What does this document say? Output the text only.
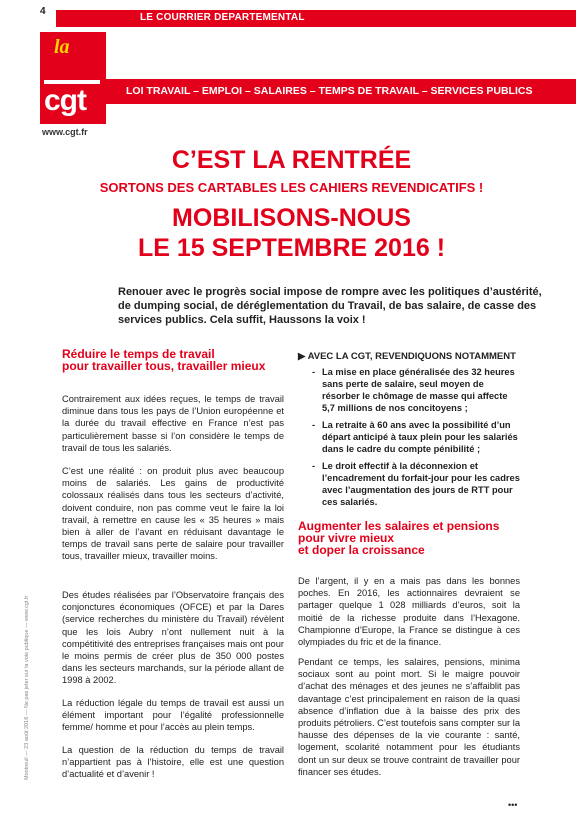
4
LE COURRIER DEPARTEMENTAL
la
cgt
www.cgt.fr
LOI TRAVAIL – EMPLOI – SALAIRES – TEMPS DE TRAVAIL – SERVICES PUBLICS
C’EST LA RENTRÉE
SORTONS DES CARTABLES LES CAHIERS REVENDICATIFS !
MOBILISONS-NOUS
LE 15 SEPTEMBRE 2016 !
Renouer avec le progrès social impose de rompre avec les politiques d’austérité, de dumping social, de déréglementation du Travail, de bas salaire, de casse des services publics. Cela suffit, Haussons la voix !
Réduire le temps de travail
pour travailler tous, travailler mieux

Contrairement aux idées reçues, le temps de travail diminue dans tous les pays de l’Union européenne et la durée du travail effective en France n’est pas particulièrement basse si l’on considère le temps de travail de tous les salariés.

C’est une réalité : on produit plus avec beaucoup moins de salariés. Les gains de productivité colossaux réalisés dans tous les secteurs d’activité, doivent conduire, non pas comme veut le faire la loi travail, à remettre en cause les « 35 heures » mais bien à aller de l’avant en réduisant davantage le temps de travail sans perte de salaire pour travailler tous, travailler mieux, travailler moins.

Des études réalisées par l’Observatoire français des conjonctures économiques (OFCE) et par la Dares (service recherches du ministère du Travail) révèlent que les lois Aubry n’ont nullement nuit à la compétitivité des entreprises françaises mais ont pour le moins permis de créer plus de 350 000 postes dans les secteurs marchands, sur la période allant de 1998 à 2002.

La réduction légale du temps de travail est aussi un élément important pour l’égalité professionnelle femme/ homme et pour l’accès au plein temps.

La question de la réduction du temps de travail n’appartient pas à l’histoire, elle est une question d’actualité et d’avenir !

▶ AVEC LA CGT, REVENDIQUONS NOTAMMENT
- La mise en place généralisée des 32 heures sans perte de salaire, seul moyen de résorber le chômage de masse qui affecte 5,7 millions de nos concitoyens ;
- La retraite à 60 ans avec la possibilité d’un départ anticipé à taux plein pour les salariés dans le cadre du compte pénibilité ;
- Le droit effectif à la déconnexion et l’encadrement du forfait-jour pour les cadres avec l’augmentation des jours de RTT pour ces salariés.
Augmenter les salaires et pensions
pour vivre mieux
et doper la croissance

De l’argent, il y en a mais pas dans les bonnes poches. En 2016, les actionnaires devraient se partager quelque 1 028 milliards d’euros, soit la moitié de la richesse produite dans l’Hexagone. Championne d’Europe, la France se distingue à ces olympiades du fric et de la finance.

Pendant ce temps, les salaires, pensions, minima sociaux sont au point mort. Si le maigre pouvoir d’achat des ménages et des jeunes ne s’affaiblit pas davantage c’est principalement en raison de la quasi absence d’inflation due à la baisse des prix des produits pétroliers. C’est toutefois sans compter sur la hausse des dépenses de la vie courante : santé, logement, scolarité notamment pour les étudiants dont un sur deux se trouve contraint de travailler pour financer ses études.

•••
Montreuil — 23 août 2016 — Ne pas jeter sur la voie publique — www.cgt.fr
